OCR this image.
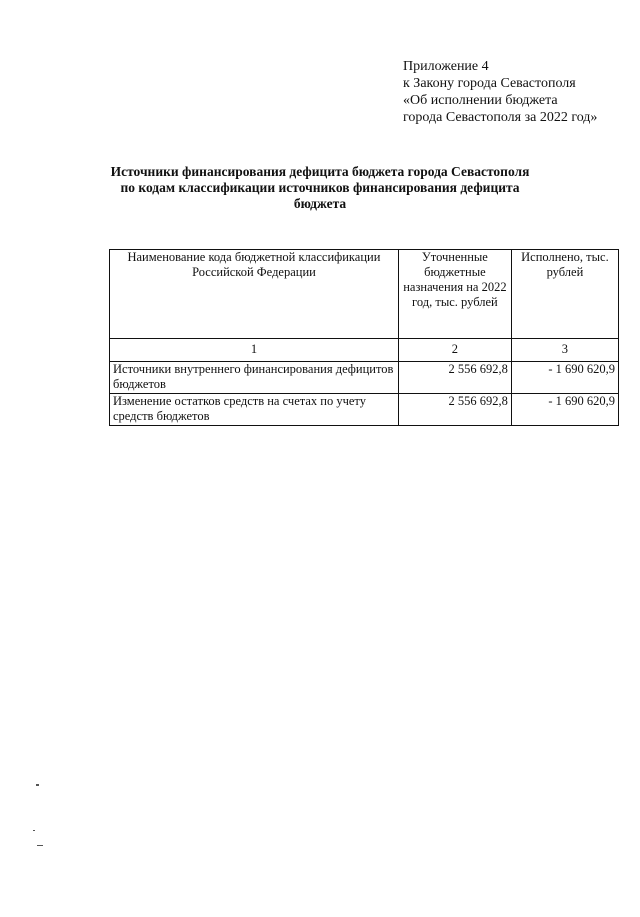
Приложение 4
к Закону города Севастополя
«Об исполнении бюджета
города Севастополя за 2022 год»
Источники финансирования дефицита бюджета города Севастополя
по кодам классификации источников финансирования дефицита
бюджета
Наименование кода бюджетной классификации Российской Федерации	Уточненные бюджетные назначения на 2022 год, тыс. рублей	Исполнено, тыс. рублей
1	2	3
Источники внутреннего финансирования дефицитов бюджетов	2 556 692,8	- 1 690 620,9
Изменение остатков средств на счетах по учету средств бюджетов	2 556 692,8	- 1 690 620,9
